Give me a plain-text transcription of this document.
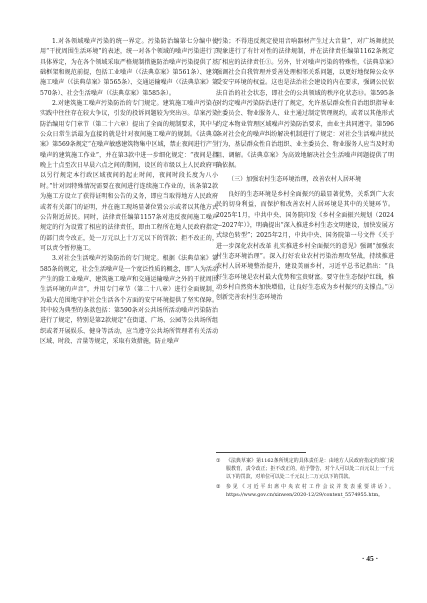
1.对各领域噪声污染的统一界定。污染防治编第七分编中使用“干扰周围生活环境”的表述，统一对各个领域的噪声污染进行了具体界定，为在各个领域采取严格规制措施防治噪声污染提供了基础框架和规范前提，包括工业噪声（《法典草案》第561条）、建筑施工噪声（《法典草案》第565条）、交通运输噪声（《法典草案》第570条）、社会生活噪声（《法典草案》第585条）。

2.对建筑施工噪声污染防治的专门规定。建筑施工噪声污染在实践中往往存在较大争议，引发的投诉问题较为突出⑫。草案污染防治编用专门章节（第二十六章）提出了全面的规制要求，其中与公众日常生活最为直接的就是针对夜间施工噪声的规制。《法典草案》第569条规定“在噪声敏感建筑物集中区域，禁止夜间进行产生噪声的建筑施工作业”，并在第3款中进一步细化规定：“夜间是指晚上十点至次日早晨六点之间的期间，设区的市级以上人民政府可以另行规定本行政区域夜间的起止时间，夜间时段长度为八小时。”针对因特殊情况需要在夜间进行连续施工作业的，该条第2款为施工方设立了获得证明和公告的义务，即应当取得地方人民政府或者有关部门的证明，并在施工现场显著位置公示或者以其他方式公告附近居民。同时，法律责任编第1157条对违反夜间施工噪声规定的行为设置了相应的法律责任，即由工程所在地人民政府指定的部门责令改正，处一万元以上十万元以下的罚款；拒不改正的，可以责令暂停施工。

3.对社会生活噪声污染防治的专门规定。根据《法典草案》第585条的规定，社会生活噪声是一个宽泛性质的概念，即“人为活动产生的除工业噪声、建筑施工噪声和交通运输噪声之外的干扰周围生活环境的声音”，并用专门章节（第二十八章）进行全面规制，为最大范围地守护社会生活各个方面的安宁环境提供了坚实保障。其中较为典型的条款包括：第590条对公共场所活动噪声污染防治进行了规定，特别是第2款规定“在街道、广场、公园等公共场所组织或者开展娱乐、健身等活动，应当遵守公共场所管理者有关活动区域、时段、音量等规定，采取有效措施，防止噪声

污染；不得违反规定使用音响器材产生过大音量”，对广场舞扰民现象进行了有针对性的法律规制，并在法律责任编第1162条规定了相应的法律责任①。另外，针对噪声污染的特殊性，《法典草案》强调社会自我管理并妥善处理相邻关系问题，以更好地保障公众享受安宁环境的权益。这也是法治社会建设的内在要求，强调公民依法自治的社会状态，即社会的公共领域的秩序化状态⑬。第595条对约定噪声污染防治进行了规定，允许基层群众性自治组织指导业主委员会、物业服务人、业主通过制定管理规约，或者以其他形式约定本物业管理区域噪声污染防治要求，由业主共同遵守。第596条对社会化的噪声纠纷解决机制进行了规定：对社会生活噪声扰民行为，基层群众性自治组织、业主委员会、物业服务人应当及时劝阻、调解。《法典草案》为高效地解决社会生活噪声问题提供了明确依据。

（三）加强农村生态环境治理，改善农村人居环境

良好的生态环境是乡村全面振兴的最显著优势，关系到广大农民的切身利益，而保护和改善农村人居环境是其中的关键环节。2025年1月，中共中央、国务院印发《乡村全面振兴规划（2024—2027年）》，明确提出“深入推进乡村生态文明建设，加快发展方式绿色转型”；2025年2月，中共中央、国务院第一号文件《关于进一步深化农村改革 扎实推进乡村全面振兴的意见》强调“加强农村生态环境治理”。深入打好农业农村污染治理攻坚战，持续推进农村人居环境整治提升，建设美丽乡村，习近平总书记指出：“良好生态环境是农村最大优势和宝贵财富。要守住生态保护红线，推动乡村自然资本加快增值，让良好生态成为乡村振兴的支撑点。”②创新完善农村生态环境治

① 《法典草案》第1162条所规定的具体责任是：由地方人民政府指定的部门说服教育，责令改正；拒不改正的，给予警告，对个人可以处二百元以上一千元以下的罚款，对单位可以处二千元以上二万元以下的罚款。

② 参见《习近平出席中央农村工作会议并发表重要讲话》，https://www.gov.cn/xinwen/2020-12/29/content_5574955.htm。

· 45 ·
